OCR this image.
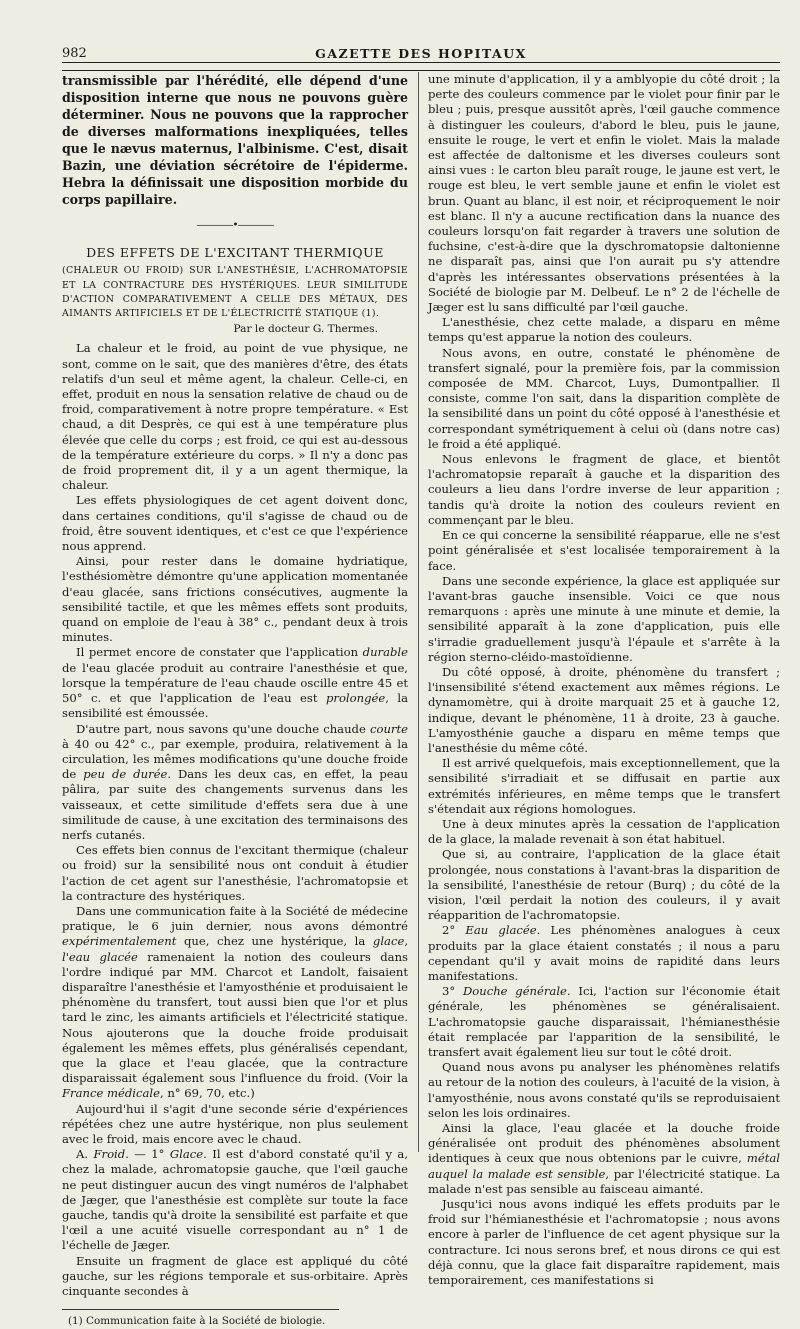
982	GAZETTE DES HOPITAUX

transmissible par l'hérédité, elle dépend d'une disposition interne que nous ne pouvons guère déterminer. Nous ne pouvons que la rapprocher de diverses malformations inexpliquées, telles que le nævus maternus, l'albinisme. C'est, disait Bazin, une déviation sécrétoire de l'épiderme. Hebra la définissait une disposition morbide du corps papillaire.

————•————
DES EFFETS DE L'EXCITANT THERMIQUE

(CHALEUR OU FROID) SUR L'ANESTHÉSIE, L'ACHROMATOPSIE ET LA CONTRACTURE DES HYSTÉRIQUES. LEUR SIMILITUDE D'ACTION COMPARATIVEMENT A CELLE DES MÉTAUX, DES AIMANTS ARTIFICIELS ET DE L'ÉLECTRICITÉ STATIQUE (1).

Par le docteur G. Thermes.

La chaleur et le froid, au point de vue physique, ne sont, comme on le sait, que des manières d'être, des états relatifs d'un seul et même agent, la chaleur. Celle-ci, en effet, produit en nous la sensation relative de chaud ou de froid, comparativement à notre propre température. « Est chaud, a dit Desprès, ce qui est à une température plus élevée que celle du corps ; est froid, ce qui est au-dessous de la température extérieure du corps. » Il n'y a donc pas de froid proprement dit, il y a un agent thermique, la chaleur.

Les effets physiologiques de cet agent doivent donc, dans certaines conditions, qu'il s'agisse de chaud ou de froid, être souvent identiques, et c'est ce que l'expérience nous apprend.

Ainsi, pour rester dans le domaine hydriatique, l'esthésiomètre démontre qu'une application momentanée d'eau glacée, sans frictions consécutives, augmente la sensibilité tactile, et que les mêmes effets sont produits, quand on emploie de l'eau à 38° c., pendant deux à trois minutes.

Il permet encore de constater que l'application durable de l'eau glacée produit au contraire l'anesthésie et que, lorsque la température de l'eau chaude oscille entre 45 et 50° c. et que l'application de l'eau est prolongée, la sensibilité est émoussée.

D'autre part, nous savons qu'une douche chaude courte à 40 ou 42° c., par exemple, produira, relativement à la circulation, les mêmes modifications qu'une douche froide de peu de durée. Dans les deux cas, en effet, la peau pâlira, par suite des changements survenus dans les vaisseaux, et cette similitude d'effets sera due à une similitude de cause, à une excitation des terminaisons des nerfs cutanés.

Ces effets bien connus de l'excitant thermique (chaleur ou froid) sur la sensibilité nous ont conduit à étudier l'action de cet agent sur l'anesthésie, l'achromatopsie et la contracture des hystériques.

Dans une communication faite à la Société de médecine pratique, le 6 juin dernier, nous avons démontré expérimentalement que, chez une hystérique, la glace, l'eau glacée ramenaient la notion des couleurs dans l'ordre indiqué par MM. Charcot et Landolt, faisaient disparaître l'anesthésie et l'amyosthénie et produisaient le phénomène du transfert, tout aussi bien que l'or et plus tard le zinc, les aimants artificiels et l'électricité statique. Nous ajouterons que la douche froide produisait également les mêmes effets, plus généralisés cependant, que la glace et l'eau glacée, que la contracture disparaissait également sous l'influence du froid. (Voir la France médicale, n° 69, 70, etc.)

Aujourd'hui il s'agit d'une seconde série d'expériences répétées chez une autre hystérique, non plus seulement avec le froid, mais encore avec le chaud.

A. Froid. — 1° Glace. Il est d'abord constaté qu'il y a, chez la malade, achromatopsie gauche, que l'œil gauche ne peut distinguer aucun des vingt numéros de l'alphabet de Jæger, que l'anesthésie est complète sur toute la face gauche, tandis qu'à droite la sensibilité est parfaite et que l'œil a une acuité visuelle correspondant au n° 1 de l'échelle de Jæger.

Ensuite un fragment de glace est appliqué du côté gauche, sur les régions temporale et sus-orbitaire. Après cinquante secondes à

(1) Communication faite à la Société de biologie.

une minute d'application, il y a amblyopie du côté droit ; la perte des couleurs commence par le violet pour finir par le bleu ; puis, presque aussitôt après, l'œil gauche commence à distinguer les couleurs, d'abord le bleu, puis le jaune, ensuite le rouge, le vert et enfin le violet. Mais la malade est affectée de daltonisme et les diverses couleurs sont ainsi vues : le carton bleu paraît rouge, le jaune est vert, le rouge est bleu, le vert semble jaune et enfin le violet est brun. Quant au blanc, il est noir, et réciproquement le noir est blanc. Il n'y a aucune rectification dans la nuance des couleurs lorsqu'on fait regarder à travers une solution de fuchsine, c'est-à-dire que la dyschromatopsie daltonienne ne disparaît pas, ainsi que l'on aurait pu s'y attendre d'après les intéressantes observations présentées à la Société de biologie par M. Delbeuf. Le n° 2 de l'échelle de Jæger est lu sans difficulté par l'œil gauche.

L'anesthésie, chez cette malade, a disparu en même temps qu'est apparue la notion des couleurs.

Nous avons, en outre, constaté le phénomène de transfert signalé, pour la première fois, par la commission composée de MM. Charcot, Luys, Dumontpallier. Il consiste, comme l'on sait, dans la disparition complète de la sensibilité dans un point du côté opposé à l'anesthésie et correspondant symétriquement à celui où (dans notre cas) le froid a été appliqué.

Nous enlevons le fragment de glace, et bientôt l'achromatopsie reparaît à gauche et la disparition des couleurs a lieu dans l'ordre inverse de leur apparition ; tandis qu'à droite la notion des couleurs revient en commençant par le bleu.

En ce qui concerne la sensibilité réapparue, elle ne s'est point généralisée et s'est localisée temporairement à la face.

Dans une seconde expérience, la glace est appliquée sur l'avant-bras gauche insensible. Voici ce que nous remarquons : après une minute à une minute et demie, la sensibilité apparaît à la zone d'application, puis elle s'irradie graduellement jusqu'à l'épaule et s'arrête à la région sterno-cléido-mastoïdienne.

Du côté opposé, à droite, phénomène du transfert ; l'insensibilité s'étend exactement aux mêmes régions. Le dynamomètre, qui à droite marquait 25 et à gauche 12, indique, devant le phénomène, 11 à droite, 23 à gauche. L'amyosthénie gauche a disparu en même temps que l'anesthésie du même côté.

Il est arrivé quelquefois, mais exceptionnellement, que la sensibilité s'irradiait et se diffusait en partie aux extrémités inférieures, en même temps que le transfert s'étendait aux régions homologues.

Une à deux minutes après la cessation de l'application de la glace, la malade revenait à son état habituel.

Que si, au contraire, l'application de la glace était prolongée, nous constations à l'avant-bras la disparition de la sensibilité, l'anesthésie de retour (Burq) ; du côté de la vision, l'œil perdait la notion des couleurs, il y avait réapparition de l'achromatopsie.

2° Eau glacée. Les phénomènes analogues à ceux produits par la glace étaient constatés ; il nous a paru cependant qu'il y avait moins de rapidité dans leurs manifestations.

3° Douche générale. Ici, l'action sur l'économie était générale, les phénomènes se généralisaient. L'achromatopsie gauche disparaissait, l'hémianesthésie était remplacée par l'apparition de la sensibilité, le transfert avait également lieu sur tout le côté droit.

Quand nous avons pu analyser les phénomènes relatifs au retour de la notion des couleurs, à l'acuité de la vision, à l'amyosthénie, nous avons constaté qu'ils se reproduisaient selon les lois ordinaires.

Ainsi la glace, l'eau glacée et la douche froide généralisée ont produit des phénomènes absolument identiques à ceux que nous obtenions par le cuivre, métal auquel la malade est sensible, par l'électricité statique. La malade n'est pas sensible au faisceau aimanté.

Jusqu'ici nous avons indiqué les effets produits par le froid sur l'hémianesthésie et l'achromatopsie ; nous avons encore à parler de l'influence de cet agent physique sur la contracture. Ici nous serons bref, et nous dirons ce qui est déjà connu, que la glace fait disparaître rapidement, mais temporairement, ces manifestations si
